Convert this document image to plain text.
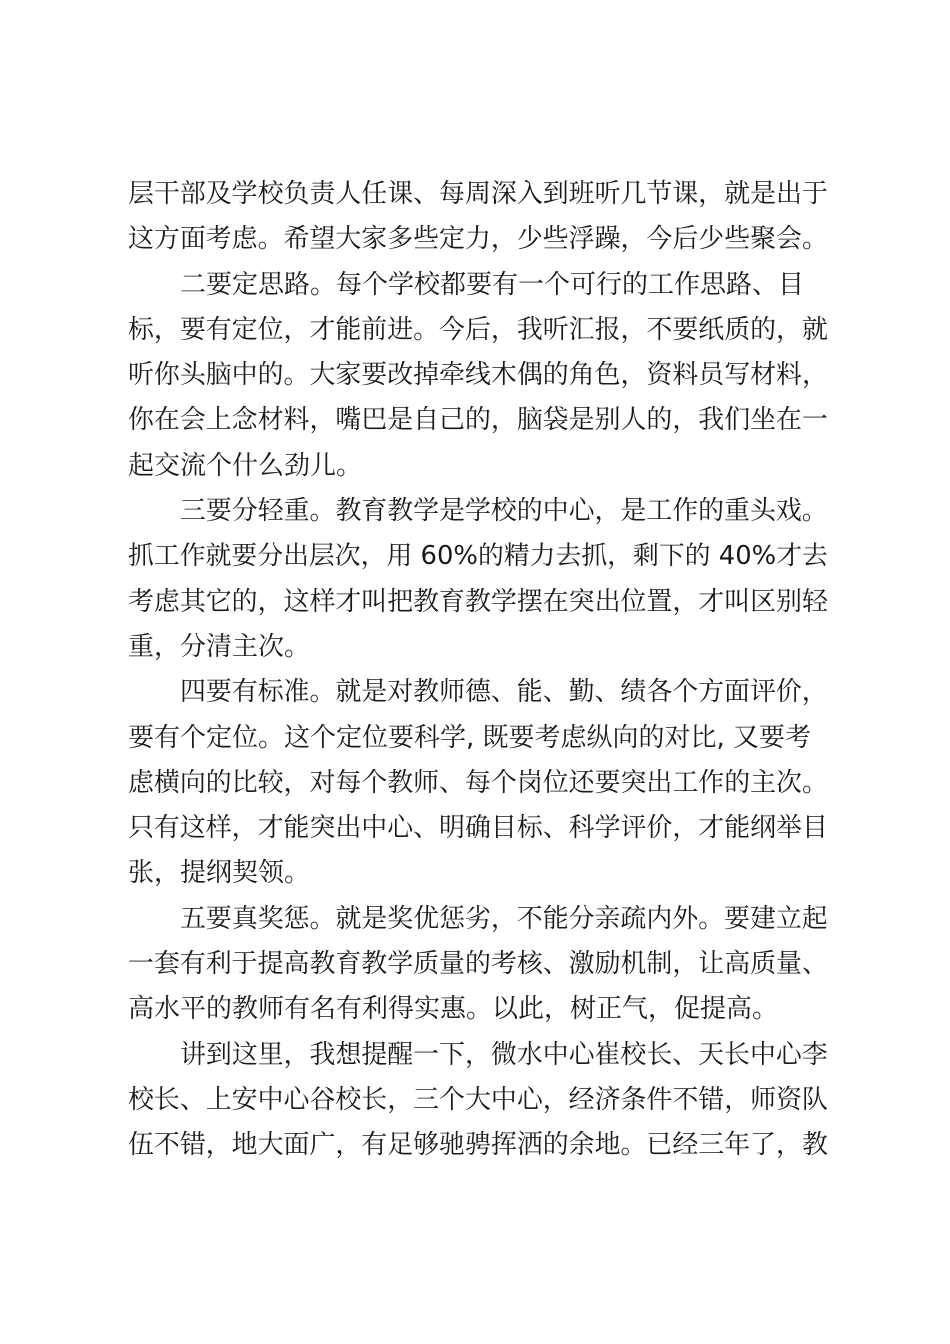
层干部及学校负责人任课、每周深入到班听几节课，就是出于
这方面考虑。希望大家多些定力，少些浮躁，今后少些聚会。
二要定思路。每个学校都要有一个可行的工作思路、目
标，要有定位，才能前进。今后，我听汇报，不要纸质的，就
听你头脑中的。大家要改掉牵线木偶的角色，资料员写材料，
你在会上念材料，嘴巴是自己的，脑袋是别人的，我们坐在一
起交流个什么劲儿。
三要分轻重。教育教学是学校的中心，是工作的重头戏。
抓工作就要分出层次，用 60%的精力去抓，剩下的 40%才去
考虑其它的，这样才叫把教育教学摆在突出位置，才叫区别轻
重，分清主次。
四要有标准。就是对教师德、能、勤、绩各个方面评价，
要有个定位。这个定位要科学, 既要考虑纵向的对比, 又要考
虑横向的比较，对每个教师、每个岗位还要突出工作的主次。
只有这样，才能突出中心、明确目标、科学评价，才能纲举目
张，提纲契领。
五要真奖惩。就是奖优惩劣，不能分亲疏内外。要建立起
一套有利于提高教育教学质量的考核、激励机制，让高质量、
高水平的教师有名有利得实惠。以此，树正气，促提高。
讲到这里，我想提醒一下，微水中心崔校长、天长中心李
校长、上安中心谷校长，三个大中心，经济条件不错，师资队
伍不错，地大面广，有足够驰骋挥洒的余地。已经三年了，教
